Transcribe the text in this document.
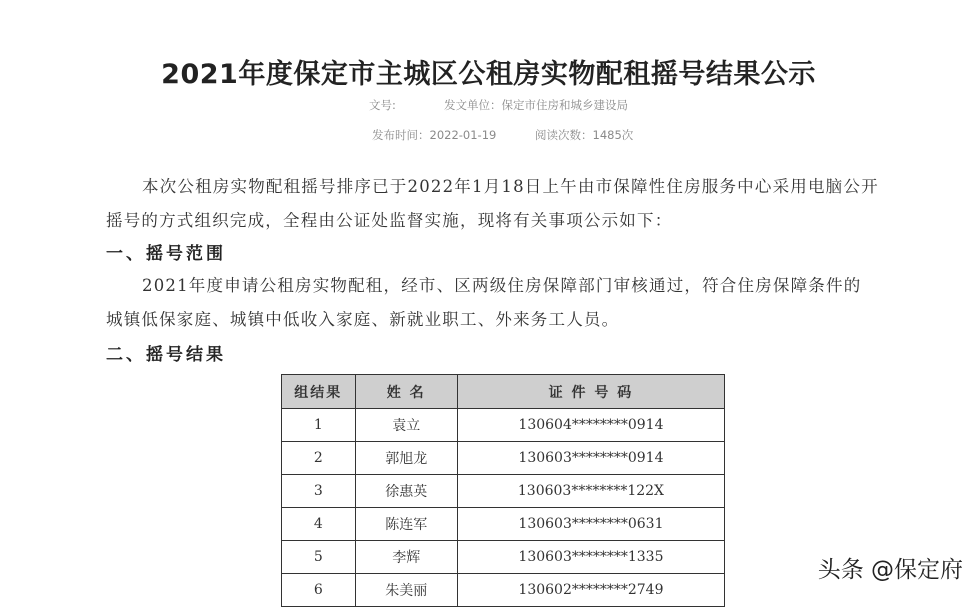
2021年度保定市主城区公租房实物配租摇号结果公示
文号:	发文单位：保定市住房和城乡建设局
发布时间：2022-01-19	阅读次数：1485次
本次公租房实物配租摇号排序已于2022年1月18日上午由市保障性住房服务中心采用电脑公开
摇号的方式组织完成，全程由公证处监督实施，现将有关事项公示如下：
一、摇号范围
2021年度申请公租房实物配租，经市、区两级住房保障部门审核通过，符合住房保障条件的
城镇低保家庭、城镇中低收入家庭、新就业职工、外来务工人员。
二、摇号结果
组结果	姓 名	证 件 号 码
1	袁立	130604********0914
2	郭旭龙	130603********0914
3	徐惠英	130603********122X
4	陈连军	130603********0631
5	李辉	130603********1335
6	朱美丽	130602********2749
头条 @保定府
